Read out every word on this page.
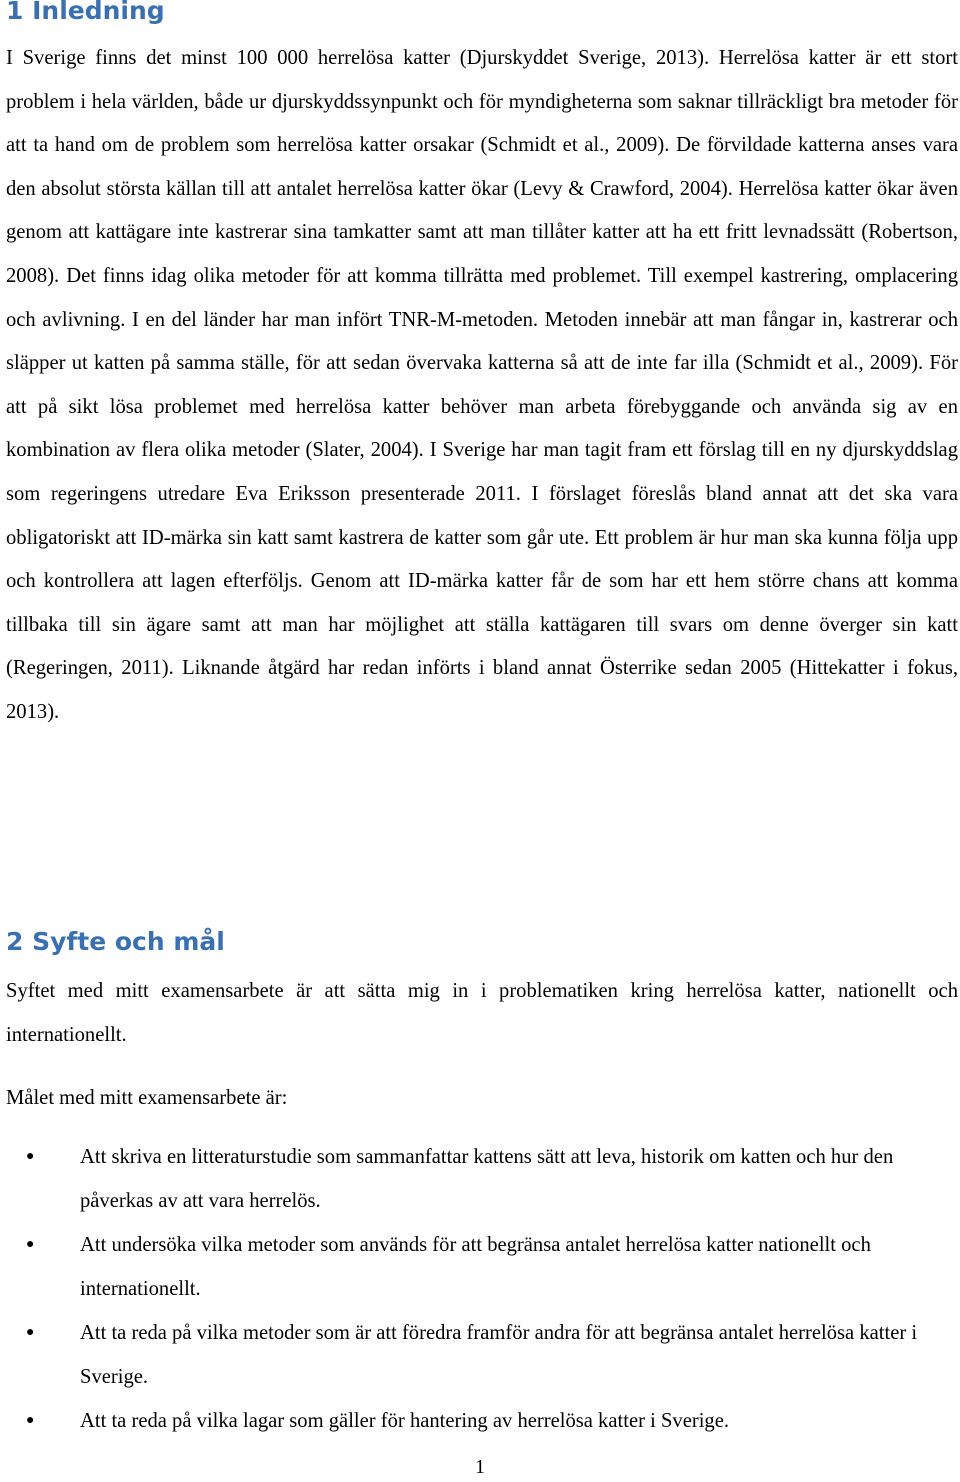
1 Inledning

I Sverige finns det minst 100 000 herrelösa katter (Djurskyddet Sverige, 2013). Herrelösa katter är ett stort problem i hela världen, både ur djurskyddssynpunkt och för myndigheterna som saknar tillräckligt bra metoder för att ta hand om de problem som herrelösa katter orsakar (Schmidt et al., 2009). De förvildade katterna anses vara den absolut största källan till att antalet herrelösa katter ökar (Levy & Crawford, 2004). Herrelösa katter ökar även genom att kattägare inte kastrerar sina tamkatter samt att man tillåter katter att ha ett fritt levnadssätt (Robertson, 2008). Det finns idag olika metoder för att komma tillrätta med problemet. Till exempel kastrering, omplacering och avlivning. I en del länder har man infört TNR-M-metoden. Metoden innebär att man fångar in, kastrerar och släpper ut katten på samma ställe, för att sedan övervaka katterna så att de inte far illa (Schmidt et al., 2009). För att på sikt lösa problemet med herrelösa katter behöver man arbeta förebyggande och använda sig av en kombination av flera olika metoder (Slater, 2004). I Sverige har man tagit fram ett förslag till en ny djurskyddslag som regeringens utredare Eva Eriksson presenterade 2011. I förslaget föreslås bland annat att det ska vara obligatoriskt att ID-märka sin katt samt kastrera de katter som går ute. Ett problem är hur man ska kunna följa upp och kontrollera att lagen efterföljs. Genom att ID-märka katter får de som har ett hem större chans att komma tillbaka till sin ägare samt att man har möjlighet att ställa kattägaren till svars om denne överger sin katt (Regeringen, 2011). Liknande åtgärd har redan införts i bland annat Österrike sedan 2005 (Hittekatter i fokus, 2013).

2 Syfte och mål

Syftet med mitt examensarbete är att sätta mig in i problematiken kring herrelösa katter, nationellt och internationellt.

Målet med mitt examensarbete är:

● Att skriva en litteraturstudie som sammanfattar kattens sätt att leva, historik om katten och hur den påverkas av att vara herrelös.
● Att undersöka vilka metoder som används för att begränsa antalet herrelösa katter nationellt och internationellt.
● Att ta reda på vilka metoder som är att föredra framför andra för att begränsa antalet herrelösa katter i Sverige.
● Att ta reda på vilka lagar som gäller för hantering av herrelösa katter i Sverige.
1
